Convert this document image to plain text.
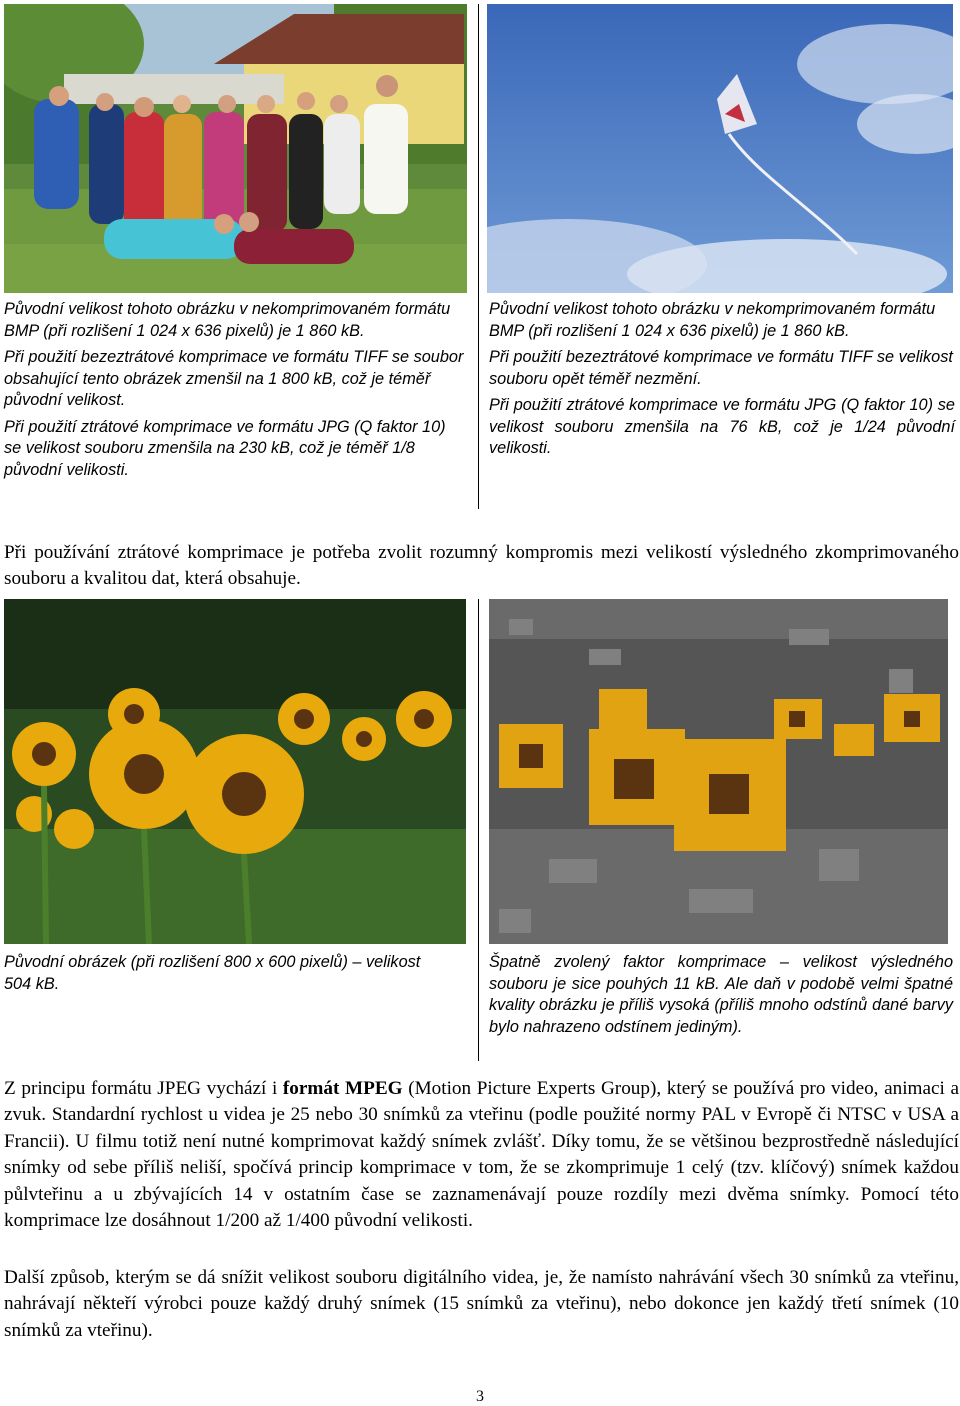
Původní velikost tohoto obrázku v nekomprimovaném formátu BMP (při rozlišení 1 024 x 636 pixelů) je 1 860 kB.

Při použití bezeztrátové komprimace ve formátu TIFF se soubor obsahující tento obrázek zmenšil na 1 800 kB, což je téměř původní velikost.

Při použití ztrátové komprimace ve formátu JPG (Q faktor 10) se velikost souboru zmenšila na 230 kB, což je téměř 1/8 původní velikosti.

Původní velikost tohoto obrázku v nekomprimovaném formátu BMP (při rozlišení 1 024 x 636 pixelů) je 1 860 kB.

Při použití bezeztrátové komprimace ve formátu TIFF se velikost souboru opět téměř nezmění.

Při použití ztrátové komprimace ve formátu JPG (Q faktor 10) se velikost souboru zmenšila na 76 kB, což je 1/24 původní velikosti.

Při používání ztrátové komprimace je potřeba zvolit rozumný kompromis mezi velikostí výsledného zkomprimovaného souboru a kvalitou dat, která obsahuje.

Původní obrázek (při rozlišení 800 x 600 pixelů) – velikost 504 kB.

Špatně zvolený faktor komprimace – velikost výsledného souboru je sice pouhých 11 kB. Ale daň v podobě velmi špatné kvality obrázku je příliš vysoká (příliš mnoho odstínů dané barvy bylo nahrazeno odstínem jediným).

Z principu formátu JPEG vychází i formát MPEG (Motion Picture Experts Group), který se používá pro video, animaci a zvuk. Standardní rychlost u videa je 25 nebo 30 snímků za vteřinu (podle použité normy PAL v Evropě či NTSC v USA a Francii). U filmu totiž není nutné komprimovat každý snímek zvlášť. Díky tomu, že se většinou bezprostředně následující snímky od sebe příliš neliší, spočívá princip komprimace v tom, že se zkomprimuje 1 celý (tzv. klíčový) snímek každou půlvteřinu a u zbývajících 14 v ostatním čase se zaznamenávají pouze rozdíly mezi dvěma snímky. Pomocí této komprimace lze dosáhnout 1/200 až 1/400 původní velikosti.

Další způsob, kterým se dá snížit velikost souboru digitálního videa, je, že namísto nahrávání všech 30 snímků za vteřinu, nahrávají někteří výrobci pouze každý druhý snímek (15 snímků za vteřinu), nebo dokonce jen každý třetí snímek (10 snímků za vteřinu).

3
